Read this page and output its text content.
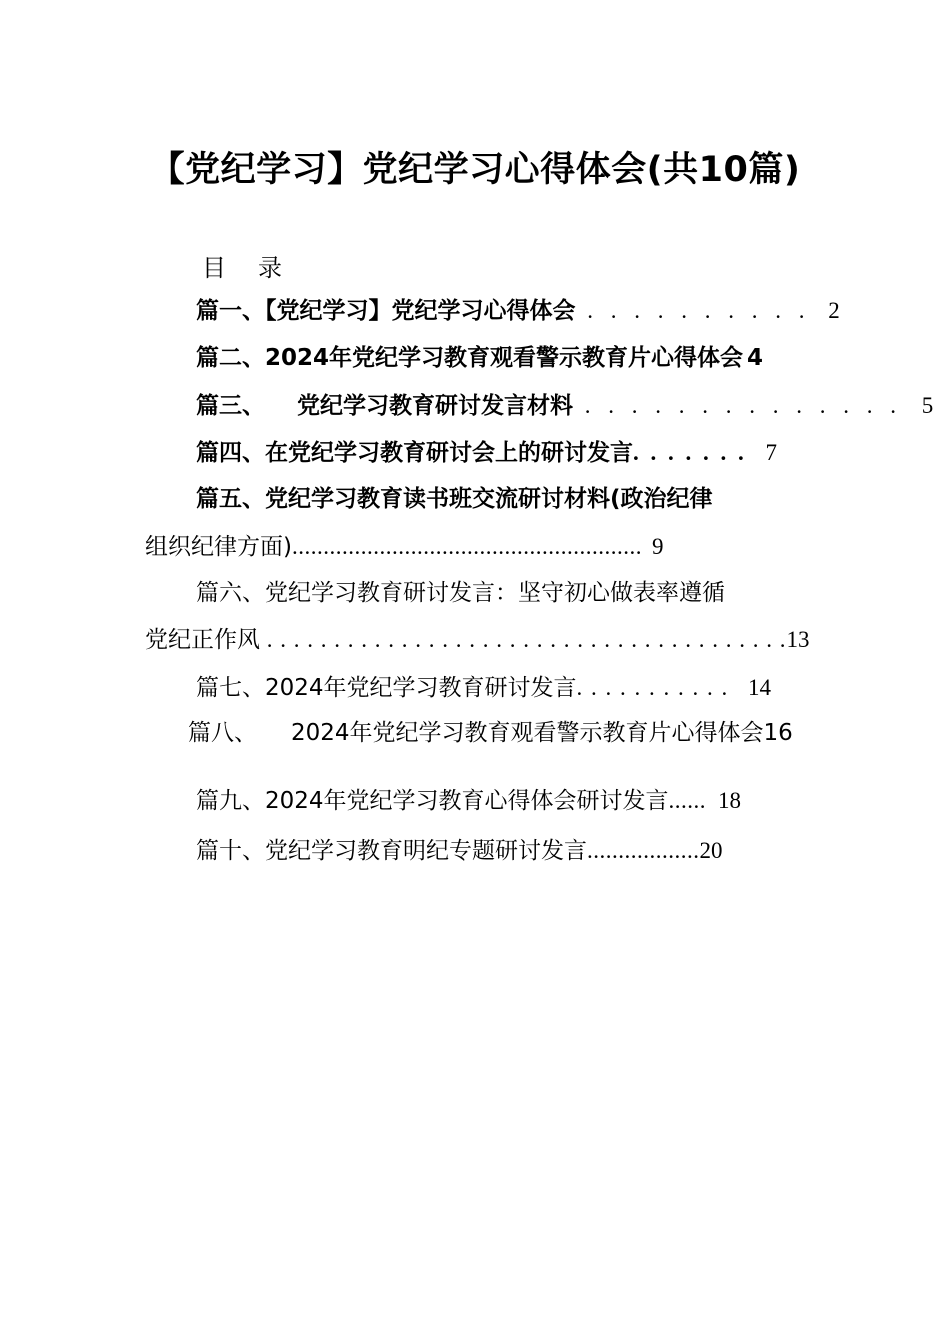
【党纪学习】党纪学习心得体会(共10篇)
目 录
篇一、【党纪学习】党纪学习心得体会 . . . . . . . . . . 2
篇二、2024年党纪学习教育观看警示教育片心得体会 4
篇三、 党纪学习教育研讨发言材料 . . . . . . . . . . . . . . 5
篇四、在党纪学习教育研讨会上的研讨发言. . . . . . . 7
篇五、党纪学习教育读书班交流研讨材料(政治纪律
组织纪律方面)........................................................ 9
篇六、党纪学习教育研讨发言：坚守初心做表率遵循
党纪正作风 . . . . . . . . . . . . . . . . . . . . . . . . . . . . . . . . . . . . . . .13
篇七、2024年党纪学习教育研讨发言. . . . . . . . . . . 14
篇八、 2024年党纪学习教育观看警示教育片心得体会16
篇九、2024年党纪学习教育心得体会研讨发言...... 18
篇十、党纪学习教育明纪专题研讨发言..................20
